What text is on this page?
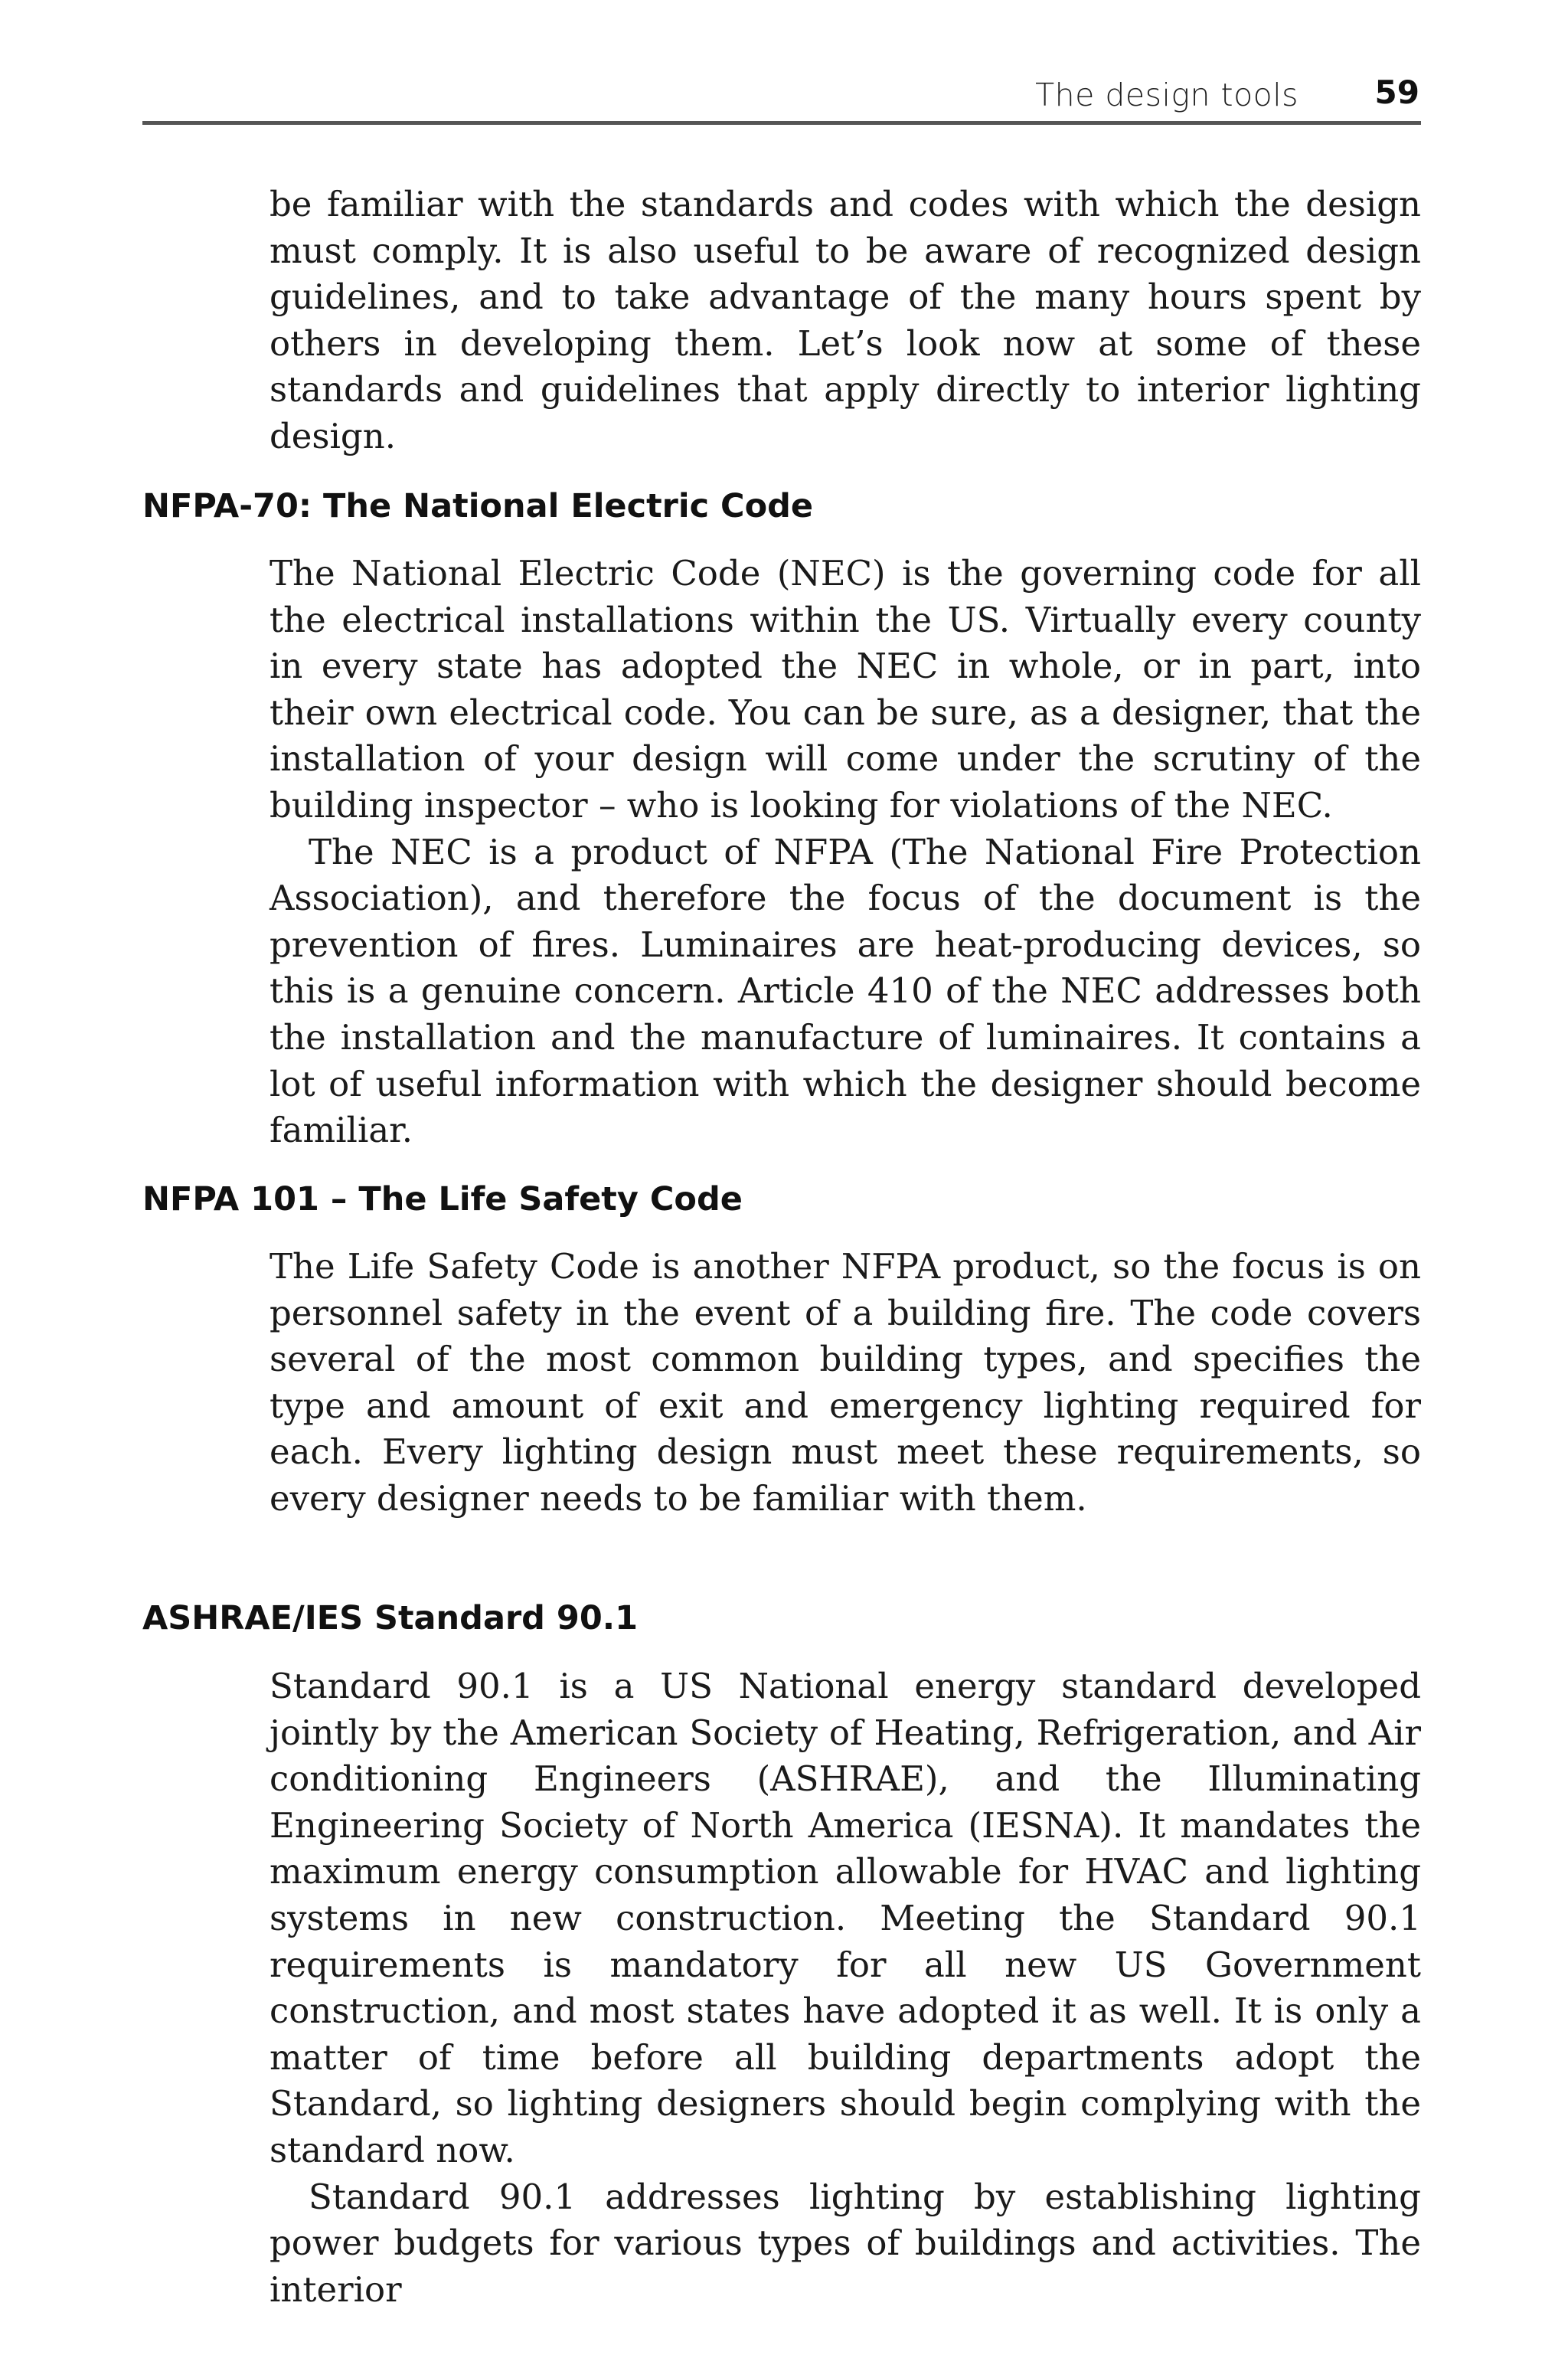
The design tools 59

be familiar with the standards and codes with which the design must comply. It is also useful to be aware of recognized design guidelines, and to take advantage of the many hours spent by others in developing them. Let’s look now at some of these standards and guidelines that apply directly to interior lighting design.

NFPA-70: The National Electric Code

The National Electric Code (NEC) is the governing code for all the electrical installations within the US. Virtually every county in every state has adopted the NEC in whole, or in part, into their own electrical code. You can be sure, as a designer, that the installation of your design will come under the scrutiny of the building inspector – who is looking for violations of the NEC.

The NEC is a product of NFPA (The National Fire Protection Association), and therefore the focus of the document is the prevention of fires. Luminaires are heat-producing devices, so this is a genuine concern. Article 410 of the NEC addresses both the installation and the manufacture of luminaires. It contains a lot of useful information with which the designer should become familiar.

NFPA 101 – The Life Safety Code

The Life Safety Code is another NFPA product, so the focus is on personnel safety in the event of a building fire. The code covers several of the most common building types, and specifies the type and amount of exit and emergency lighting required for each. Every lighting design must meet these requirements, so every designer needs to be familiar with them.

ASHRAE/IES Standard 90.1

Standard 90.1 is a US National energy standard developed jointly by the American Society of Heating, Refrigeration, and Air conditioning Engineers (ASHRAE), and the Illuminating Engineering Society of North America (IESNA). It mandates the maximum energy consumption allowable for HVAC and lighting systems in new construction. Meeting the Standard 90.1 requirements is mandatory for all new US Government construction, and most states have adopted it as well. It is only a matter of time before all building departments adopt the Standard, so lighting designers should begin complying with the standard now.

Standard 90.1 addresses lighting by establishing lighting power budgets for various types of buildings and activities. The interior
